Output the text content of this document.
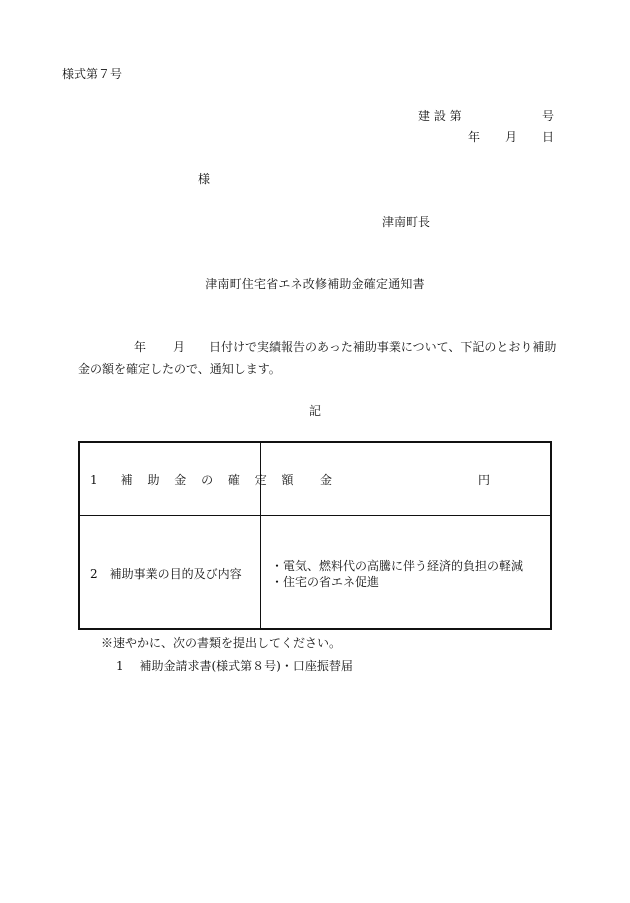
様式第７号
建 設 第	号
年 月 日
様
津南町長
津南町住宅省エネ改修補助金確定通知書
年 月 日付けで実績報告のあった補助事業について、下記のとおり補助
金の額を確定したので、通知します。
記
1　補 助 金 の 確 定 額 金	円
2　補助事業の目的及び内容
・電気、燃料代の高騰に伴う経済的負担の軽減
・住宅の省エネ促進
※速やかに、次の書類を提出してください。
1　 補助金請求書(様式第８号)・口座振替届
